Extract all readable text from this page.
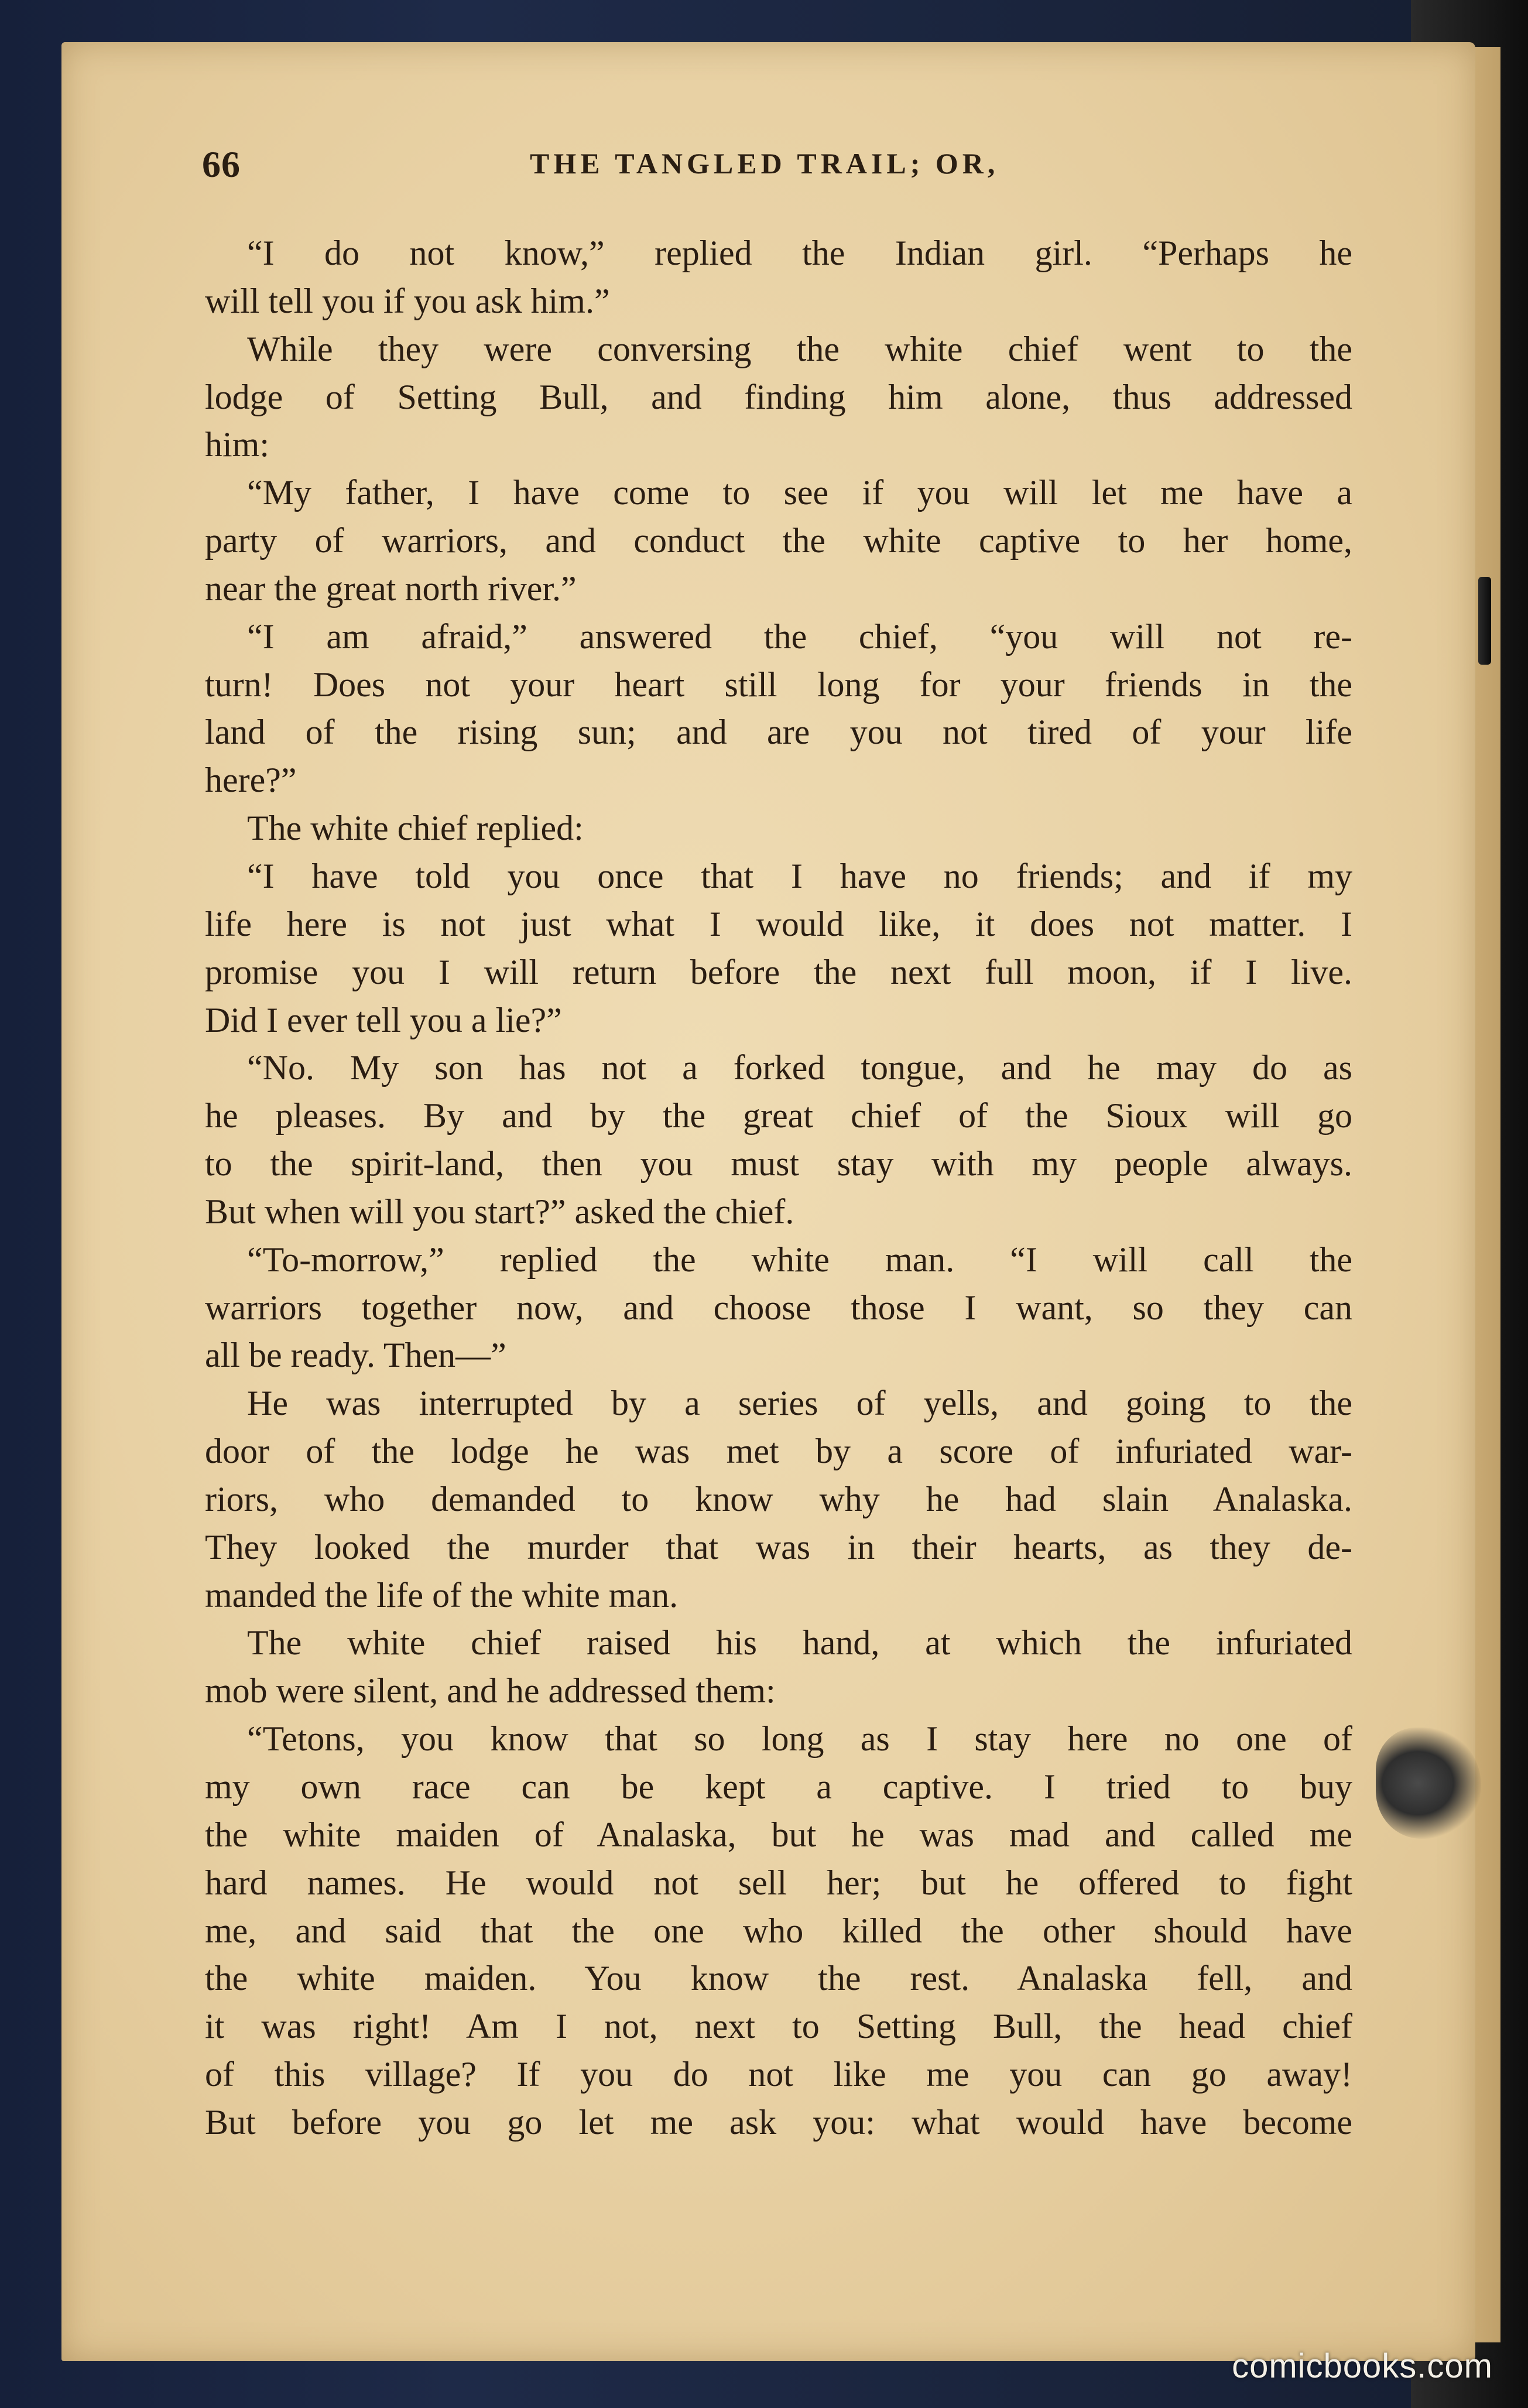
66	THE TANGLED TRAIL; OR,
“I do not know,” replied the Indian girl. “Perhaps he
will tell you if you ask him.”
While they were conversing the white chief went to the
lodge of Setting Bull, and finding him alone, thus addressed
him:
“My father, I have come to see if you will let me have a
party of warriors, and conduct the white captive to her home,
near the great north river.”
“I am afraid,” answered the chief, “you will not re-
turn! Does not your heart still long for your friends in the
land of the rising sun; and are you not tired of your life
here?”
The white chief replied:
“I have told you once that I have no friends; and if my
life here is not just what I would like, it does not matter. I
promise you I will return before the next full moon, if I live.
Did I ever tell you a lie?”
“No. My son has not a forked tongue, and he may do as
he pleases. By and by the great chief of the Sioux will go
to the spirit-land, then you must stay with my people always.
But when will you start?” asked the chief.
“To-morrow,” replied the white man. “I will call the
warriors together now, and choose those I want, so they can
all be ready. Then—”
He was interrupted by a series of yells, and going to the
door of the lodge he was met by a score of infuriated war-
riors, who demanded to know why he had slain Analaska.
They looked the murder that was in their hearts, as they de-
manded the life of the white man.
The white chief raised his hand, at which the infuriated
mob were silent, and he addressed them:
“Tetons, you know that so long as I stay here no one of
my own race can be kept a captive. I tried to buy
the white maiden of Analaska, but he was mad and called me
hard names. He would not sell her; but he offered to fight
me, and said that the one who killed the other should have
the white maiden. You know the rest. Analaska fell, and
it was right! Am I not, next to Setting Bull, the head chief
of this village? If you do not like me you can go away!
But before you go let me ask you: what would have become
comicbooks.com
